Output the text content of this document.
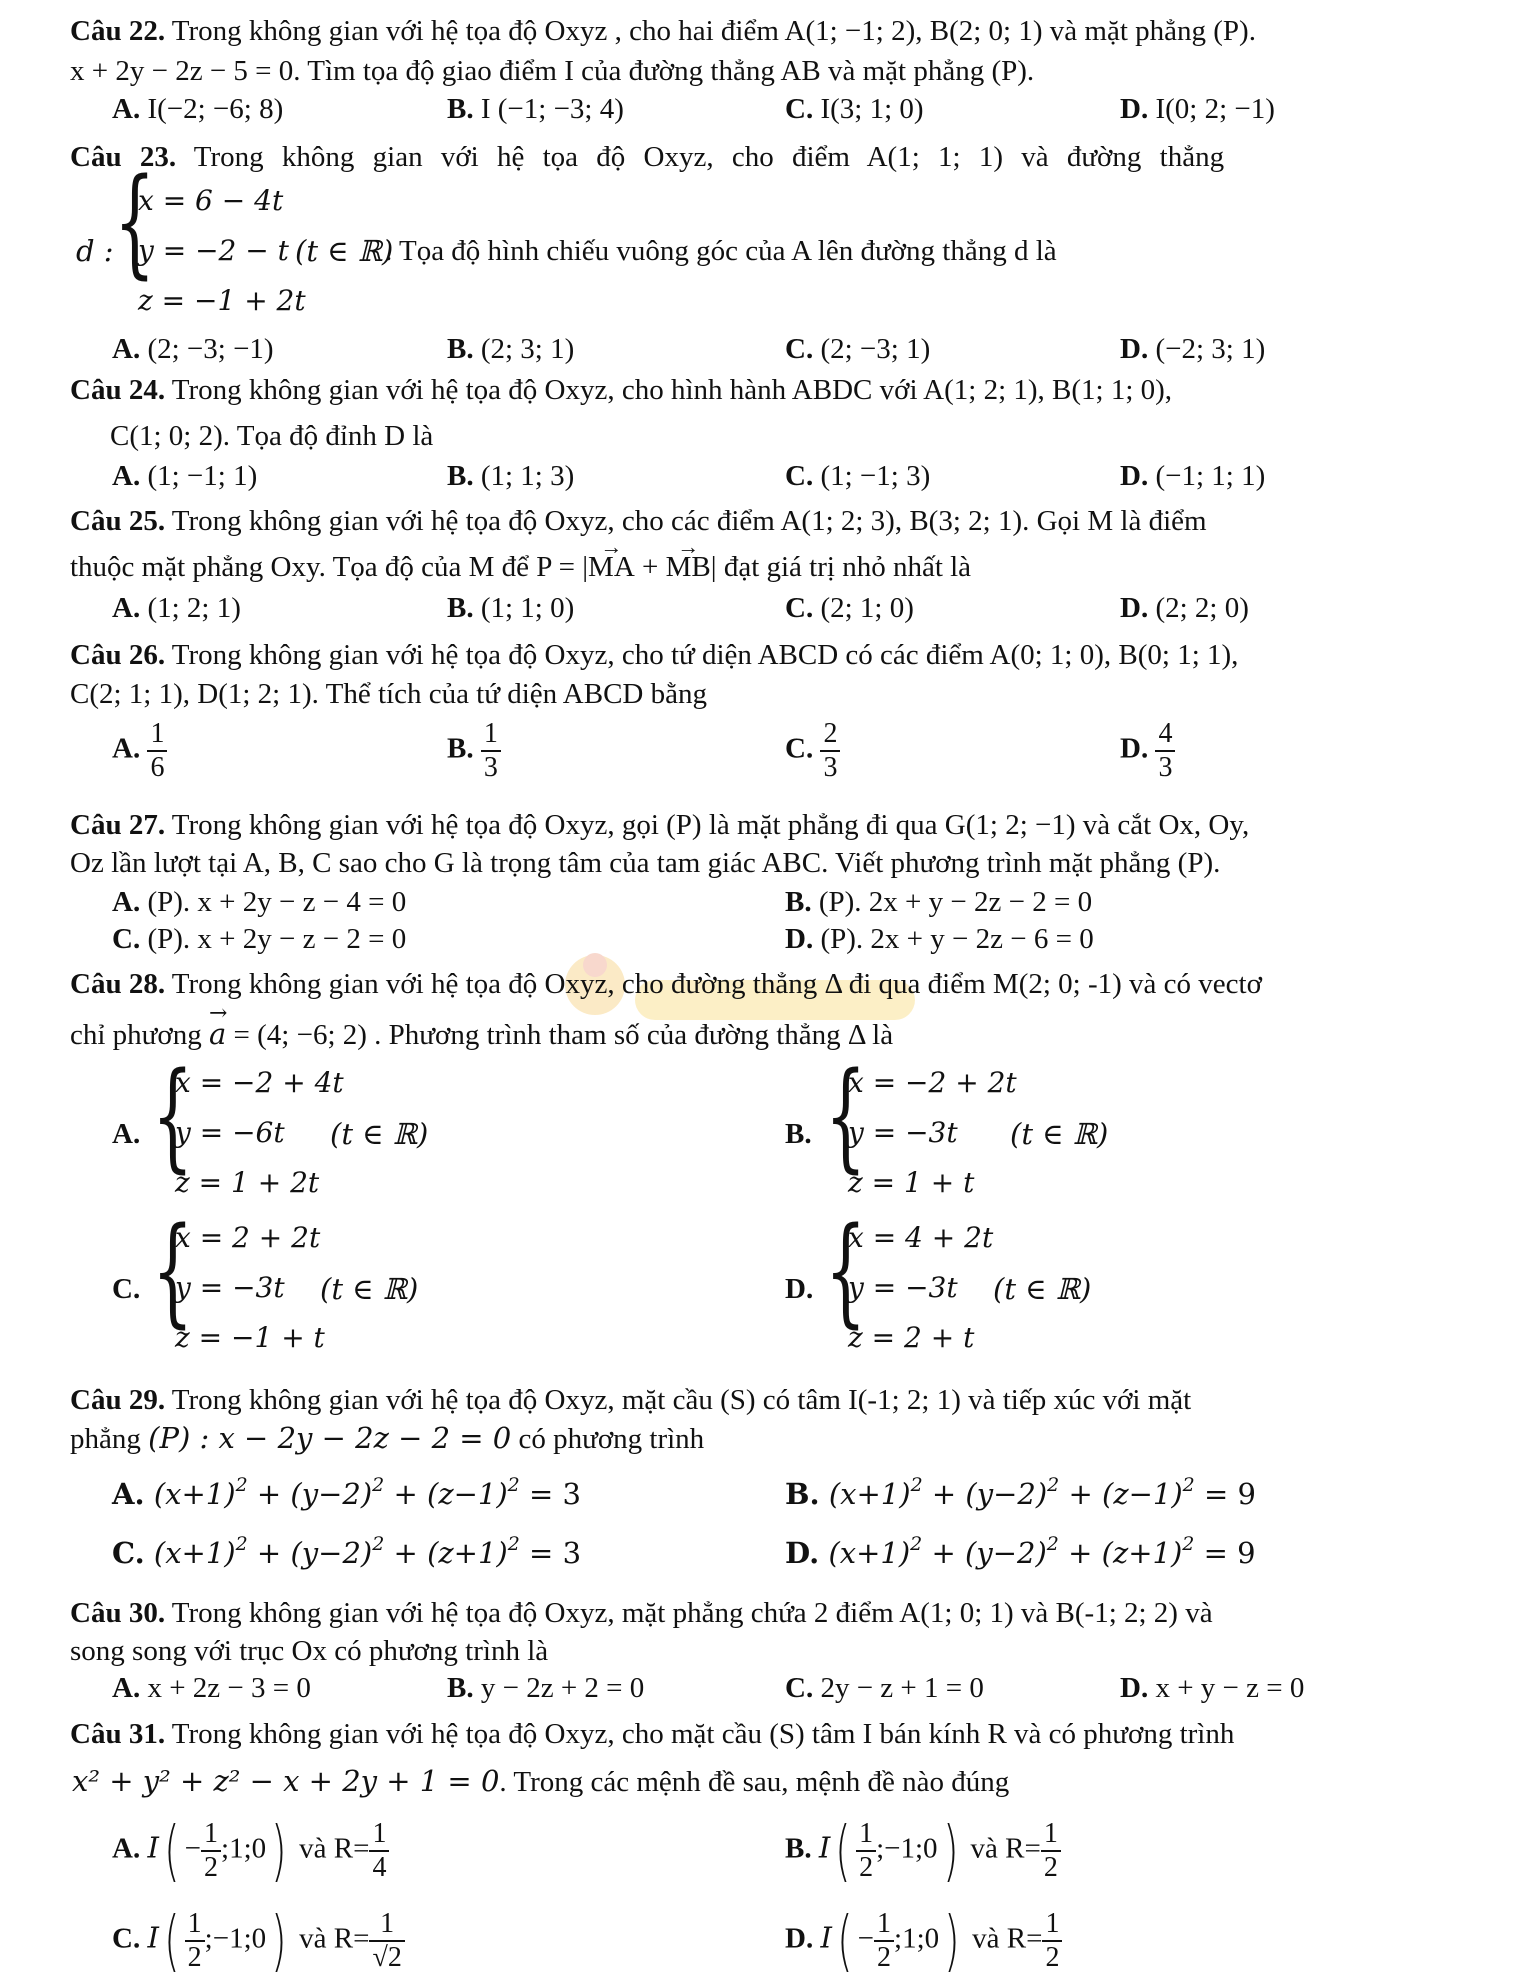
Câu 22. Trong không gian với hệ tọa độ Oxyz , cho hai điểm A(1; −1; 2), B(2; 0; 1) và mặt phẳng (P).
x + 2y − 2z − 5 = 0. Tìm tọa độ giao điểm I của đường thẳng AB và mặt phẳng (P).
A. I(−2; −6; 8)	B. I (−1; −3; 4)	C. I(3; 1; 0)	D. I(0; 2; −1)
Câu 23. Trong không gian với hệ tọa độ Oxyz, cho điểm A(1; 1; 1) và đường thẳng
d : {
x = 6 − 4t
y = −2 − t
z = −1 + 2t
(t ∈ ℝ)
. Tọa độ hình chiếu vuông góc của A lên đường thẳng d là
A. (2; −3; −1)	B. (2; 3; 1)	C. (2; −3; 1)	D. (−2; 3; 1)
Câu 24. Trong không gian với hệ tọa độ Oxyz, cho hình hành ABDC với A(1; 2; 1), B(1; 1; 0),
C(1; 0; 2). Tọa độ đỉnh D là
A. (1; −1; 1)	B. (1; 1; 3)	C. (1; −1; 3)	D. (−1; 1; 1)
Câu 25. Trong không gian với hệ tọa độ Oxyz, cho các điểm A(1; 2; 3), B(3; 2; 1). Gọi M là điểm
thuộc mặt phẳng Oxy. Tọa độ của M để P = |→ MA + → MB| đạt giá trị nhỏ nhất là
A. (1; 2; 1)	B. (1; 1; 0)	C. (2; 1; 0)	D. (2; 2; 0)
Câu 26. Trong không gian với hệ tọa độ Oxyz, cho tứ diện ABCD có các điểm A(0; 1; 0), B(0; 1; 1),
C(2; 1; 1), D(1; 2; 1). Thể tích của tứ diện ABCD bằng
A. $\frac{1}{6}$	B. $\frac{1}{3}$	C. $\frac{2}{3}$	D. $\frac{4}{3}$
Câu 27. Trong không gian với hệ tọa độ Oxyz, gọi (P) là mặt phẳng đi qua G(1; 2; −1) và cắt Ox, Oy,
Oz lần lượt tại A, B, C sao cho G là trọng tâm của tam giác ABC. Viết phương trình mặt phẳng (P).
A. (P). x + 2y − z − 4 = 0	B. (P). 2x + y − 2z − 2 = 0
C. (P). x + 2y − z − 2 = 0	D. (P). 2x + y − 2z − 6 = 0
Câu 28. Trong không gian với hệ tọa độ Oxyz, cho đường thẳng Δ đi qua điểm M(2; 0; -1) và có vectơ
chỉ phương → a = (4; −6; 2) . Phương trình tham số của đường thẳng Δ là
A. {
x = −2 + 4t
y = −6t
z = 1 + 2t
(t ∈ ℝ)	B. {
x = −2 + 2t
y = −3t
z = 1 + t
(t ∈ ℝ)
C. {
x = 2 + 2t
y = −3t
z = −1 + t
(t ∈ ℝ)	D. {
x = 4 + 2t
y = −3t
z = 2 + t
(t ∈ ℝ)
Câu 29. Trong không gian với hệ tọa độ Oxyz, mặt cầu (S) có tâm I(-1; 2; 1) và tiếp xúc với mặt
phẳng (P) : x − 2y − 2z − 2 = 0 có phương trình
A. $(x+1)^2 + (y-2)^2 + (z-1)^2 = 3$	B. $(x+1)^2 + (y-2)^2 + (z-1)^2 = 9$
C. $(x+1)^2 + (y-2)^2 + (z+1)^2 = 3$	D. $(x+1)^2 + (y-2)^2 + (z+1)^2 = 9$
Câu 30. Trong không gian với hệ tọa độ Oxyz, mặt phẳng chứa 2 điểm A(1; 0; 1) và B(-1; 2; 2) và
song song với trục Ox có phương trình là
A. x + 2z − 3 = 0	B. y − 2z + 2 = 0	C. 2y − z + 1 = 0	D. x + y − z = 0
Câu 31. Trong không gian với hệ tọa độ Oxyz, cho mặt cầu (S) tâm I bán kính R và có phương trình
x² + y² + z² − x + 2y + 1 = 0. Trong các mệnh đề sau, mệnh đề nào đúng
A. $I( - \frac{1}{2}$ ;1;0) và $R= \frac{1}{4}$	B. $I( \frac{1}{2}$ ;−1;0) và $R= \frac{1}{2}$
C. $I( \frac{1}{2}$ ;−1;0) và $R= \frac{1}{√2}$	D. $I( - \frac{1}{2}$ ;1;0) và $R= \frac{1}{2}$
